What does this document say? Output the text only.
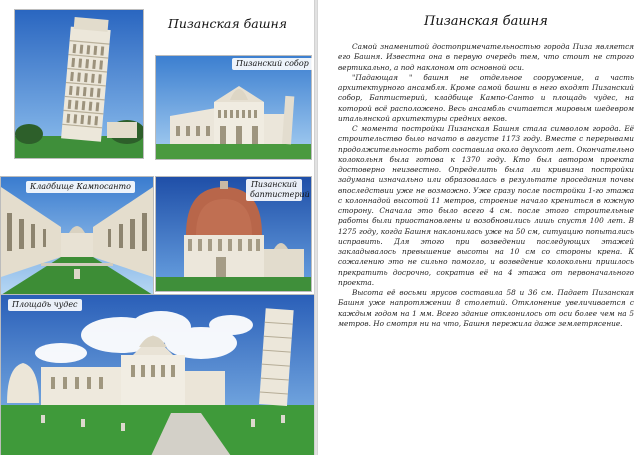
Пизанская башня
Пизанский собор
Кладбище Кампосанто	Пизанский баптистерий
Площадь чудес
Пизанская башня

Самой знаменитой достопримечательностью города Пиза является его Башня. Известна она в первую очередь тем, что стоит не строго вертикально, а под наклоном от основной оси.

"Падающая " башня не отдельное сооружение, а часть архитектурного ансамбля. Кроме самой башни в него входят Пизанский собор, Баптистерий, кладбище Кампо-Санто и площадь чудес, на которой всё расположено. Весь ансамбль считается мировым шедевром итальянской архитектуры средних веков.

С момента постройки Пизанская Башня стала символом города. Её строительство было начато в августе 1173 году. Вместе с перерывами продолжительность работ составила около двухсот лет. Окончательно колокольня была готова к 1370 году. Кто был автором проекта достоверно неизвестно. Определить была ли кривизна постройки задумана изначально или образовалась в результате проседания почвы впоследствии уже не возможно. Уже сразу после постройки 1-го этажа с колоннадой высотой 11 метров, строение начало крениться в южную сторону. Сначала это было всего 4 см. после этого строительные работы были приостановлены и возобновились лишь спустя 100 лет. В 1275 году, когда Башня наклонилась уже на 50 см, ситуацию попытались исправить. Для этого при возведении последующих этажей закладывалось превышение высоты на 10 см со стороны крена. К сожалению это не сильно помогло, и возведение колокольни пришлось прекратить досрочно, сократив её на 4 этажа от первоначального проекта.

Высота её восьми ярусов составила 58 и 36 см. Падает Пизанская Башня уже напротяжении 8 столетий. Отклонение увеличивается с каждым годом на 1 мм. Всего здание отклонилось от оси более чем на 5 метров. Но смотря ни на что, Башня пережила даже землетрясение.
